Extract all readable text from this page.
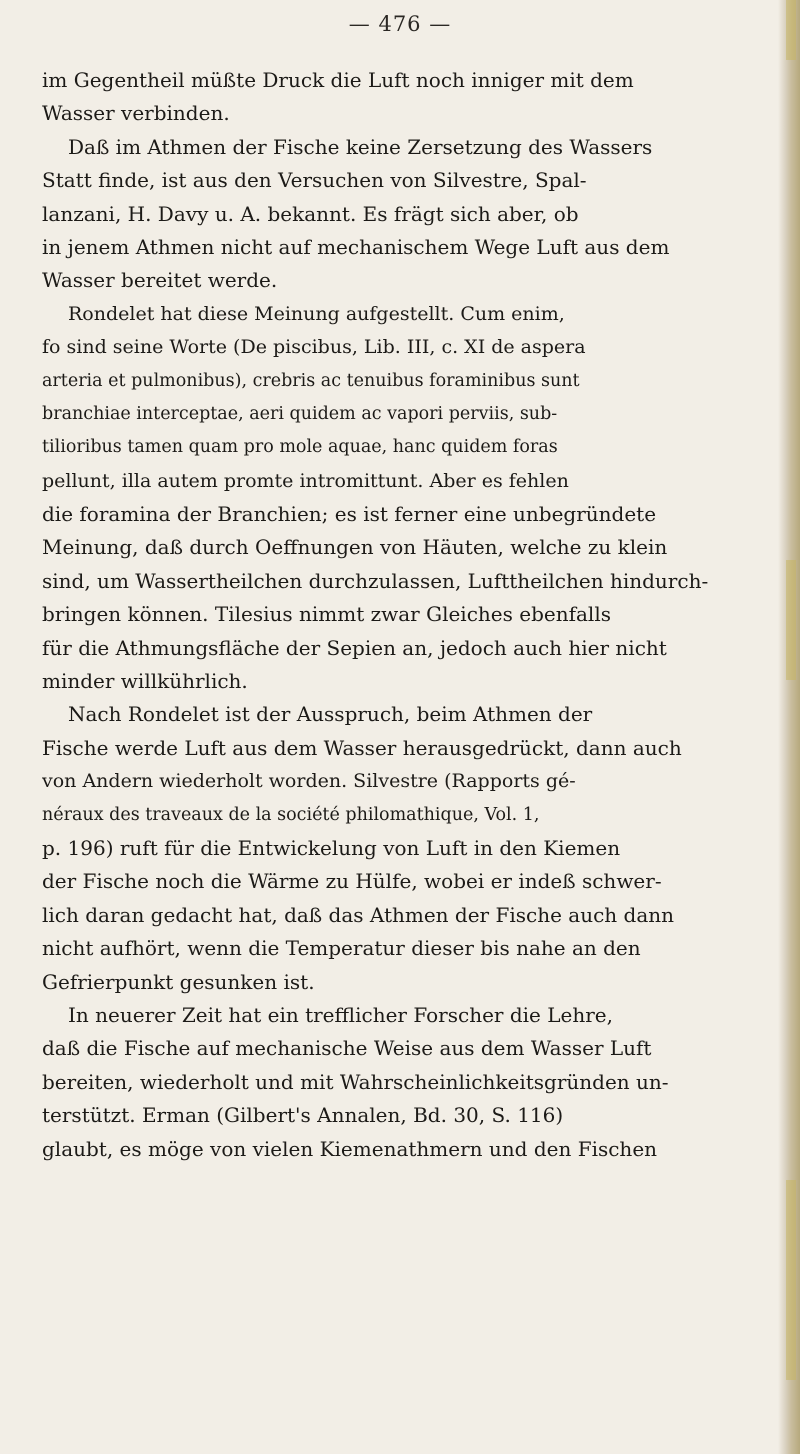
— 476 —
im Gegentheil müßte Druck die Luft noch inniger mit dem
Wasser verbinden.
Daß im Athmen der Fische keine Zersetzung des Wassers
Statt finde, ist aus den Versuchen von Silvestre, Spal-
lanzani, H. Davy u. A. bekannt. Es frägt sich aber, ob
in jenem Athmen nicht auf mechanischem Wege Luft aus dem
Wasser bereitet werde.
Rondelet hat diese Meinung aufgestellt. Cum enim,
fo sind seine Worte (De piscibus, Lib. III, c. XI de aspera
arteria et pulmonibus), crebris ac tenuibus foraminibus sunt
branchiae interceptae, aeri quidem ac vapori perviis, sub-
tilioribus tamen quam pro mole aquae, hanc quidem foras
pellunt, illa autem promte intromittunt. Aber es fehlen
die foramina der Branchien; es ist ferner eine unbegründete
Meinung, daß durch Oeffnungen von Häuten, welche zu klein
sind, um Wassertheilchen durchzulassen, Lufttheilchen hindurch-
bringen können. Tilesius nimmt zwar Gleiches ebenfalls
für die Athmungsfläche der Sepien an, jedoch auch hier nicht
minder willkührlich.
Nach Rondelet ist der Ausspruch, beim Athmen der
Fische werde Luft aus dem Wasser herausgedrückt, dann auch
von Andern wiederholt worden. Silvestre (Rapports gé-
néraux des traveaux de la société philomathique, Vol. 1,
p. 196) ruft für die Entwickelung von Luft in den Kiemen
der Fische noch die Wärme zu Hülfe, wobei er indeß schwer-
lich daran gedacht hat, daß das Athmen der Fische auch dann
nicht aufhört, wenn die Temperatur dieser bis nahe an den
Gefrierpunkt gesunken ist.
In neuerer Zeit hat ein trefflicher Forscher die Lehre,
daß die Fische auf mechanische Weise aus dem Wasser Luft
bereiten, wiederholt und mit Wahrscheinlichkeitsgründen un-
terstützt. Erman (Gilbert's Annalen, Bd. 30, S. 116)
glaubt, es möge von vielen Kiemenathmern und den Fischen
